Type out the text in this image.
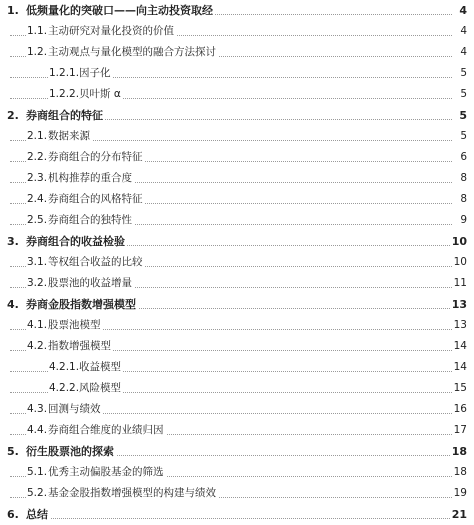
1. 低频量化的突破口——向主动投资取经	4
1.1.主动研究对量化投资的价值	4
1.2.主动观点与量化模型的融合方法探讨	4
1.2.1.因子化	5
1.2.2.贝叶斯 α	5
2. 券商组合的特征	5
2.1.数据来源	5
2.2.券商组合的分布特征	6
2.3.机构推荐的重合度	8
2.4.券商组合的风格特征	8
2.5.券商组合的独特性	9
3. 券商组合的收益检验	10
3.1.等权组合收益的比较	10
3.2.股票池的收益增量	11
4. 券商金股指数增强模型	13
4.1.股票池模型	13
4.2.指数增强模型	14
4.2.1.收益模型	14
4.2.2.风险模型	15
4.3.回测与绩效	16
4.4.券商组合维度的业绩归因	17
5. 衍生股票池的探索	18
5.1.优秀主动偏股基金的筛选	18
5.2.基金金股指数增强模型的构建与绩效	19
6. 总结	21
